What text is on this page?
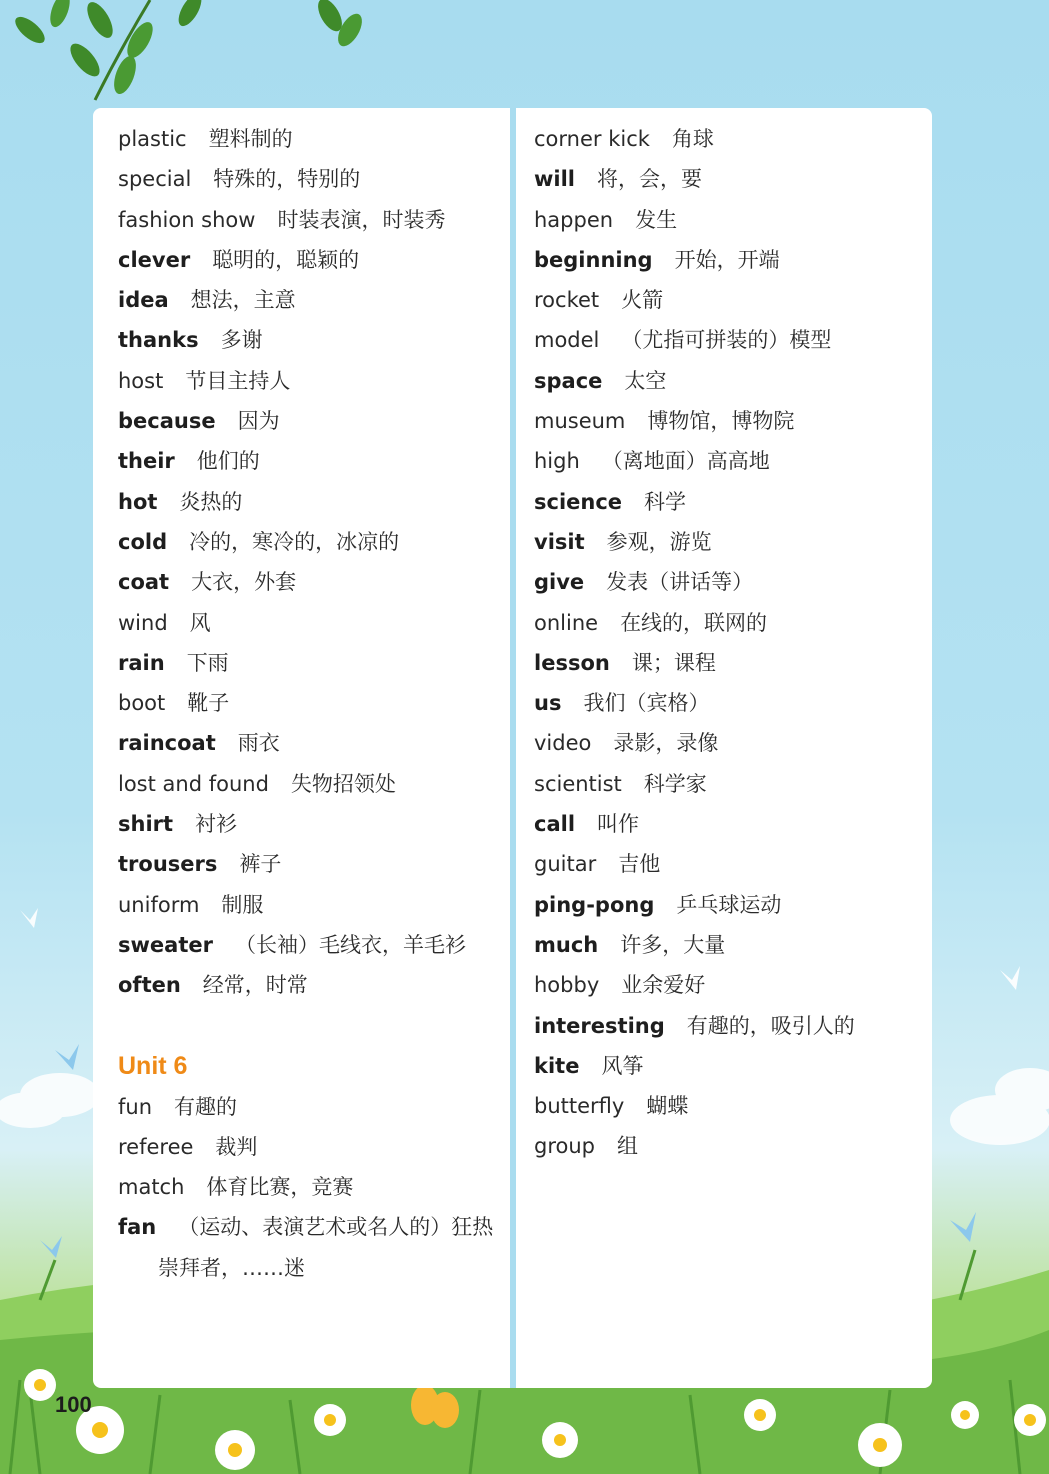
plastic 塑料制的
special 特殊的，特别的
fashion show 时装表演，时装秀
clever 聪明的，聪颖的
idea 想法，主意
thanks 多谢
host 节目主持人
because 因为
their 他们的
hot 炎热的
cold 冷的，寒冷的，冰凉的
coat 大衣，外套
wind 风
rain 下雨
boot 靴子
raincoat 雨衣
lost and found 失物招领处
shirt 衬衫
trousers 裤子
uniform 制服
sweater （长袖）毛线衣，羊毛衫
often 经常，时常
Unit 6
fun 有趣的
referee 裁判
match 体育比赛，竞赛
fan （运动、表演艺术或名人的）狂热
崇拜者，……迷
corner kick 角球
will 将，会，要
happen 发生
beginning 开始，开端
rocket 火箭
model （尤指可拼装的）模型
space 太空
museum 博物馆，博物院
high （离地面）高高地
science 科学
visit 参观，游览
give 发表（讲话等）
online 在线的，联网的
lesson 课；课程
us 我们（宾格）
video 录影，录像
scientist 科学家
call 叫作
guitar 吉他
ping-pong 乒乓球运动
much 许多，大量
hobby 业余爱好
interesting 有趣的，吸引人的
kite 风筝
butterfly 蝴蝶
group 组
100
